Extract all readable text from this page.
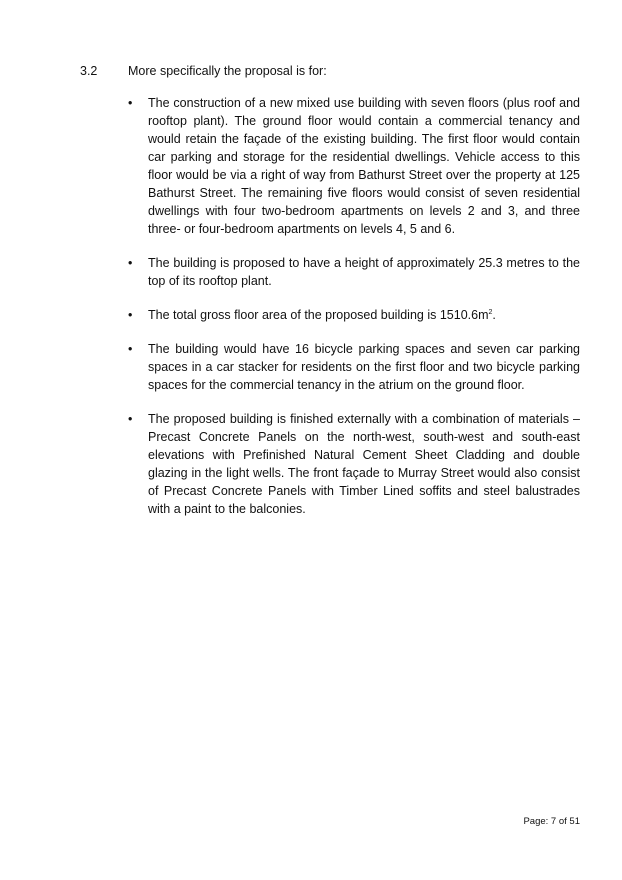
3.2 More specifically the proposal is for:
•	The construction of a new mixed use building with seven floors (plus roof and rooftop plant). The ground floor would contain a commercial tenancy and would retain the façade of the existing building. The first floor would contain car parking and storage for the residential dwellings. Vehicle access to this floor would be via a right of way from Bathurst Street over the property at 125 Bathurst Street. The remaining five floors would consist of seven residential dwellings with four two-bedroom apartments on levels 2 and 3, and three three- or four-bedroom apartments on levels 4, 5 and 6.
•	The building is proposed to have a height of approximately 25.3 metres to the top of its rooftop plant.
•	The total gross floor area of the proposed building is $1510.6m^2$.
•	The building would have 16 bicycle parking spaces and seven car parking spaces in a car stacker for residents on the first floor and two bicycle parking spaces for the commercial tenancy in the atrium on the ground floor.
•	The proposed building is finished externally with a combination of materials – Precast Concrete Panels on the north-west, south-west and south-east elevations with Prefinished Natural Cement Sheet Cladding and double glazing in the light wells. The front façade to Murray Street would also consist of Precast Concrete Panels with Timber Lined soffits and steel balustrades with a paint to the balconies.
Page: 7 of 51
